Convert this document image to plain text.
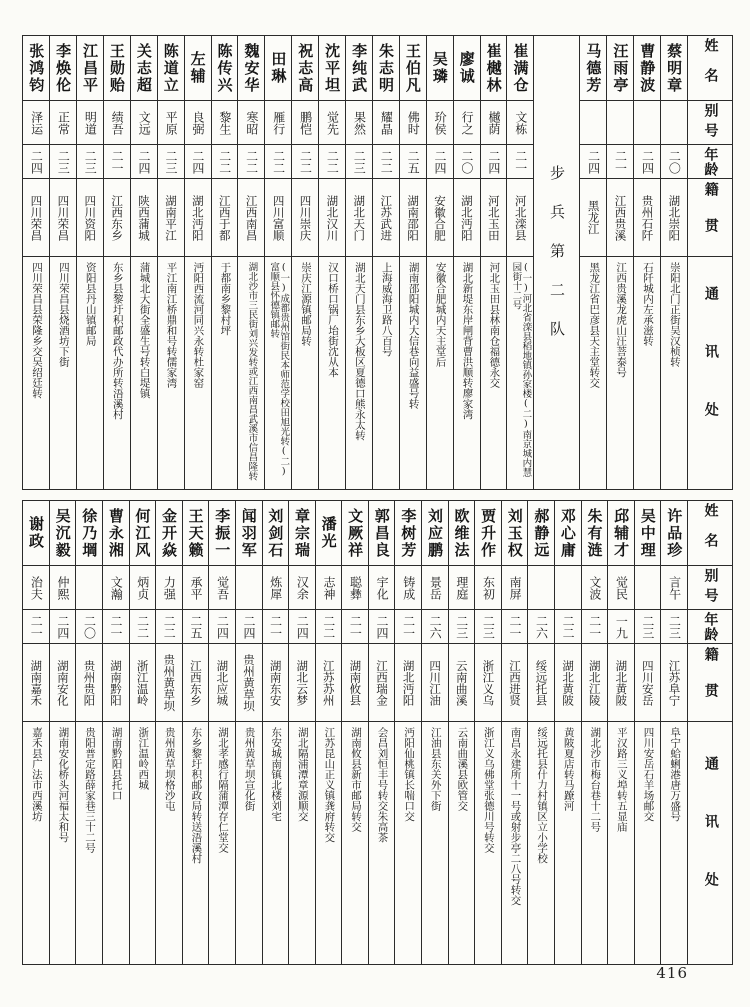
姓名
别号
年龄
籍贯
通讯处
蔡明章
二〇
湖北崇阳
崇阳北门正街吴汉桢转
曹静波
二四
贵州石阡
石阡城内左承滋转
汪雨亭
二一
江西贵溪
江西贵溪龙虎山汪菩泰号
马德芳
二四
黑龙江
黑龙江省巴彦县天主堂转交
步兵第二队
崔满仓
文栋
二一
河北滦县
(一)河北省滦县稻地镇孙家楼(二)南京城内慧园街十二号
崔樾林
樾荫
二四
河北玉田
河北玉田县林南仓福德永交
廖诚
行之
二〇
湖北沔阳
湖北新堤东岸闸背曹洪顺转廖家湾
吴璘
玠侯
二四
安徽合肥
安徽合肥城内天主堂后
王伯凡
佛时
二五
湖南邵阳
湖南邵阳城内大信巷向益盛号转
朱志明
耀晶
二二
江苏武进
上海威海卫路八百号
李纯武
果然
二三
湖北天门
湖北天门县东乡大板区夏德口熊永太转
沈平坦
觉先
二二
湖北汉川
汉口桥口锅厂坮街沈从本
祝志高
鹏恺
二二
四川崇庆
崇庆江源镇邮局转
田琳
雁行
二二
四川富顺
(一)成都贵州馆街民本师范学校田旭光转(二)富顺县怀德镇邮转
魏安华
寒昭
二二
江西南昌
湖北沙市三民街刘兴发转或江西南昌武溪市信昌隆转
陈传兴
黎生
二二
江西于都
于都南乡黎村坪
左辅
良弼
二四
湖北沔阳
沔阳西流河同兴永转杜家窑
陈道立
平原
二三
湖南平江
平江南江桥鼎和号转儒家湾
关志超
文远
二四
陕西蒲城
蒲城北大街全盛生号转白堤镇
王勋贻
绩吾
二一
江西东乡
东乡县黎圩积邮政代办所转浯溪村
江昌平
明道
二三
四川资阳
资阳县丹山镇邮局
李焕伦
正常
二三
四川荣昌
四川荣昌县烧酒坊下街
张鸿钧
泽运
二四
四川荣昌
四川荣昌县荣隆乡交吴绍廷转
姓名
别号
年龄
籍贯
通讯处
许品珍
言午
二三
江苏阜宁
阜宁蛤蜊港唐万盛号
吴中理
二三
四川安岳
四川安岳石羊场邮交
邱辅才
觉民
一九
湖北黄陂
平汉路三义埠转五显庙
朱有涟
文波
二一
湖北江陵
湖北沙市梅台巷十二号
邓心庸
二二
湖北黄陂
黄陂夏店转马蹽河
郝静远
二六
绥远托县
绥远托县什力村镇区立小学校
刘玉权
南屏
二一
江西进贤
南昌永建所十一号或射步亭二八号转交
贾升作
东初
二三
浙江义乌
浙江义乌佛堂张德川号转交
欧维法
理庭
二三
云南曲溪
云南曲溪县欧管交
刘应鹏
景岳
二六
四川江油
江油县东关外下街
李树芳
铸成
二一
湖北沔阳
沔阳仙桃镇长喘口交
郭昌良
宇化
二四
江西瑞金
会昌刘恒丰号转交朱高茶
文厥祥
聪彝
二一
湖南攸县
湖南攸县新市邮局转交
潘光
志神
二二
江苏苏州
江苏昆山正义镇龚府转交
章宗瑞
汉余
二四
湖北云梦
湖北隔浦潭章源顺交
刘剑石
炼犀
二一
湖南东安
东安城南镇北楼刘宅
闻羽军
二四
贵州黄草坝
贵州黄草坝宣化街
李振一
觉吾
二四
湖北应城
湖北孝感行隔蒲潭存仁堂交
王天籁
承平
二五
江西东乡
东乡黎圩积邮政局转送浯溪村
金开焱
力强
二二
贵州黄草坝
贵州黄草坝格沙屯
何江风
炳贞
二二
浙江温岭
浙江温岭西城
曹永湘
文瀚
二一
湖南黔阳
湖南黔阳县托口
徐乃堈
二〇
贵州贵阳
贵阳普定路薛家巷三十二号
吴沉毅
仲熙
二四
湖南安化
湖南安化桥头河福太和号
谢政
治夫
二一
湖南嘉禾
嘉禾县广法市西溪坊
416
